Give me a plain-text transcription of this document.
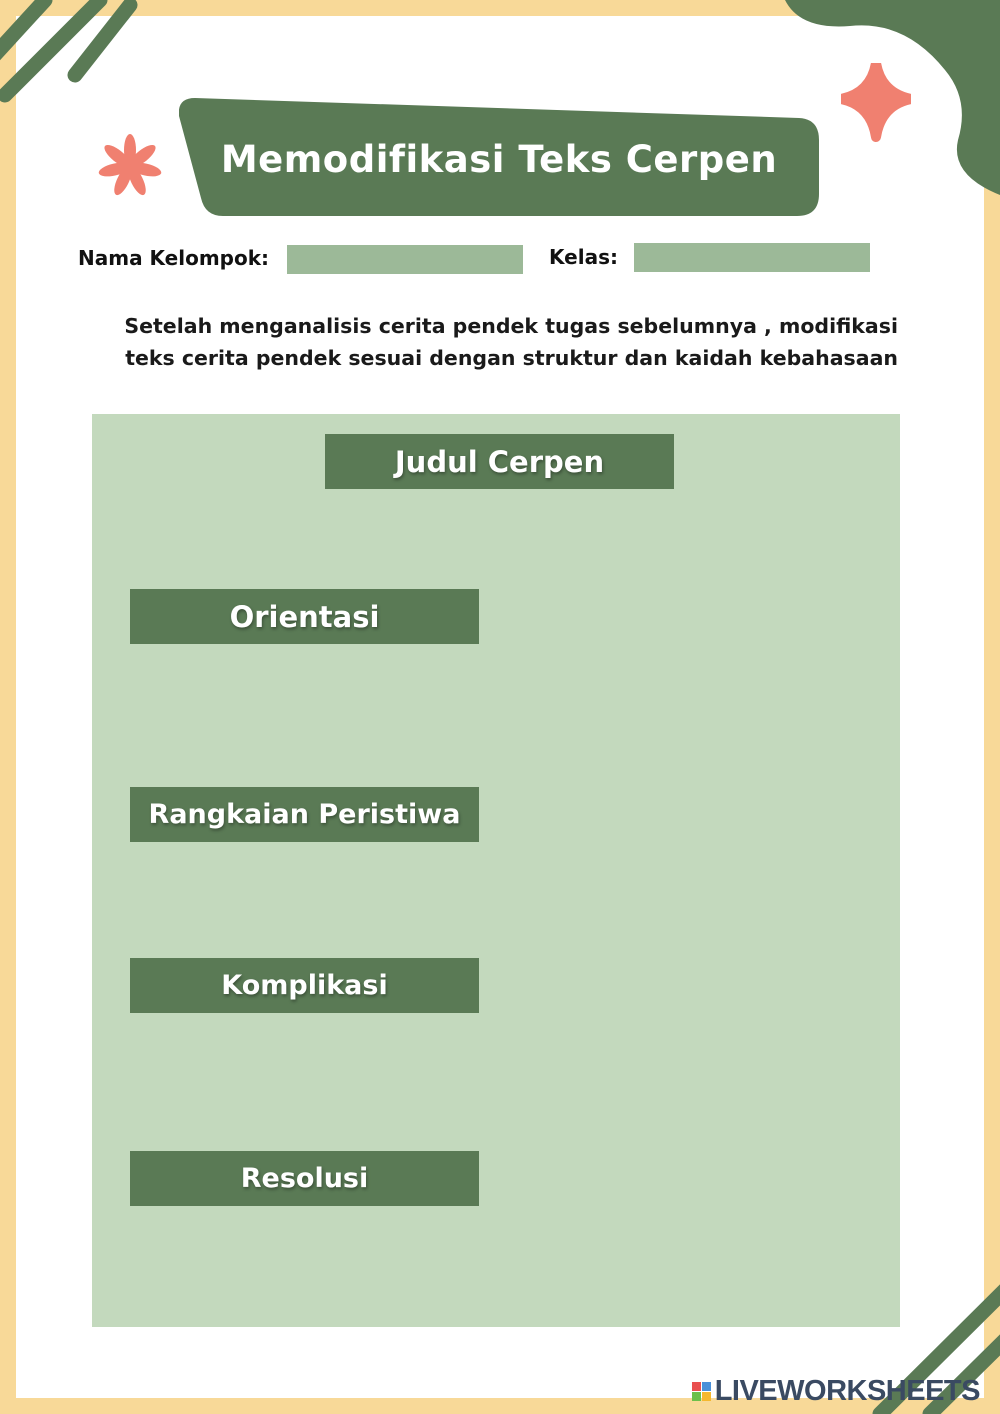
Memodifikasi Teks Cerpen
Nama Kelompok:	Kelas:
Setelah menganalisis cerita pendek tugas sebelumnya , modifikasi teks cerita pendek sesuai dengan struktur dan kaidah kebahasaan
Judul Cerpen
Orientasi
Rangkaian Peristiwa
Komplikasi
Resolusi
LIVEWORKSHEETS
